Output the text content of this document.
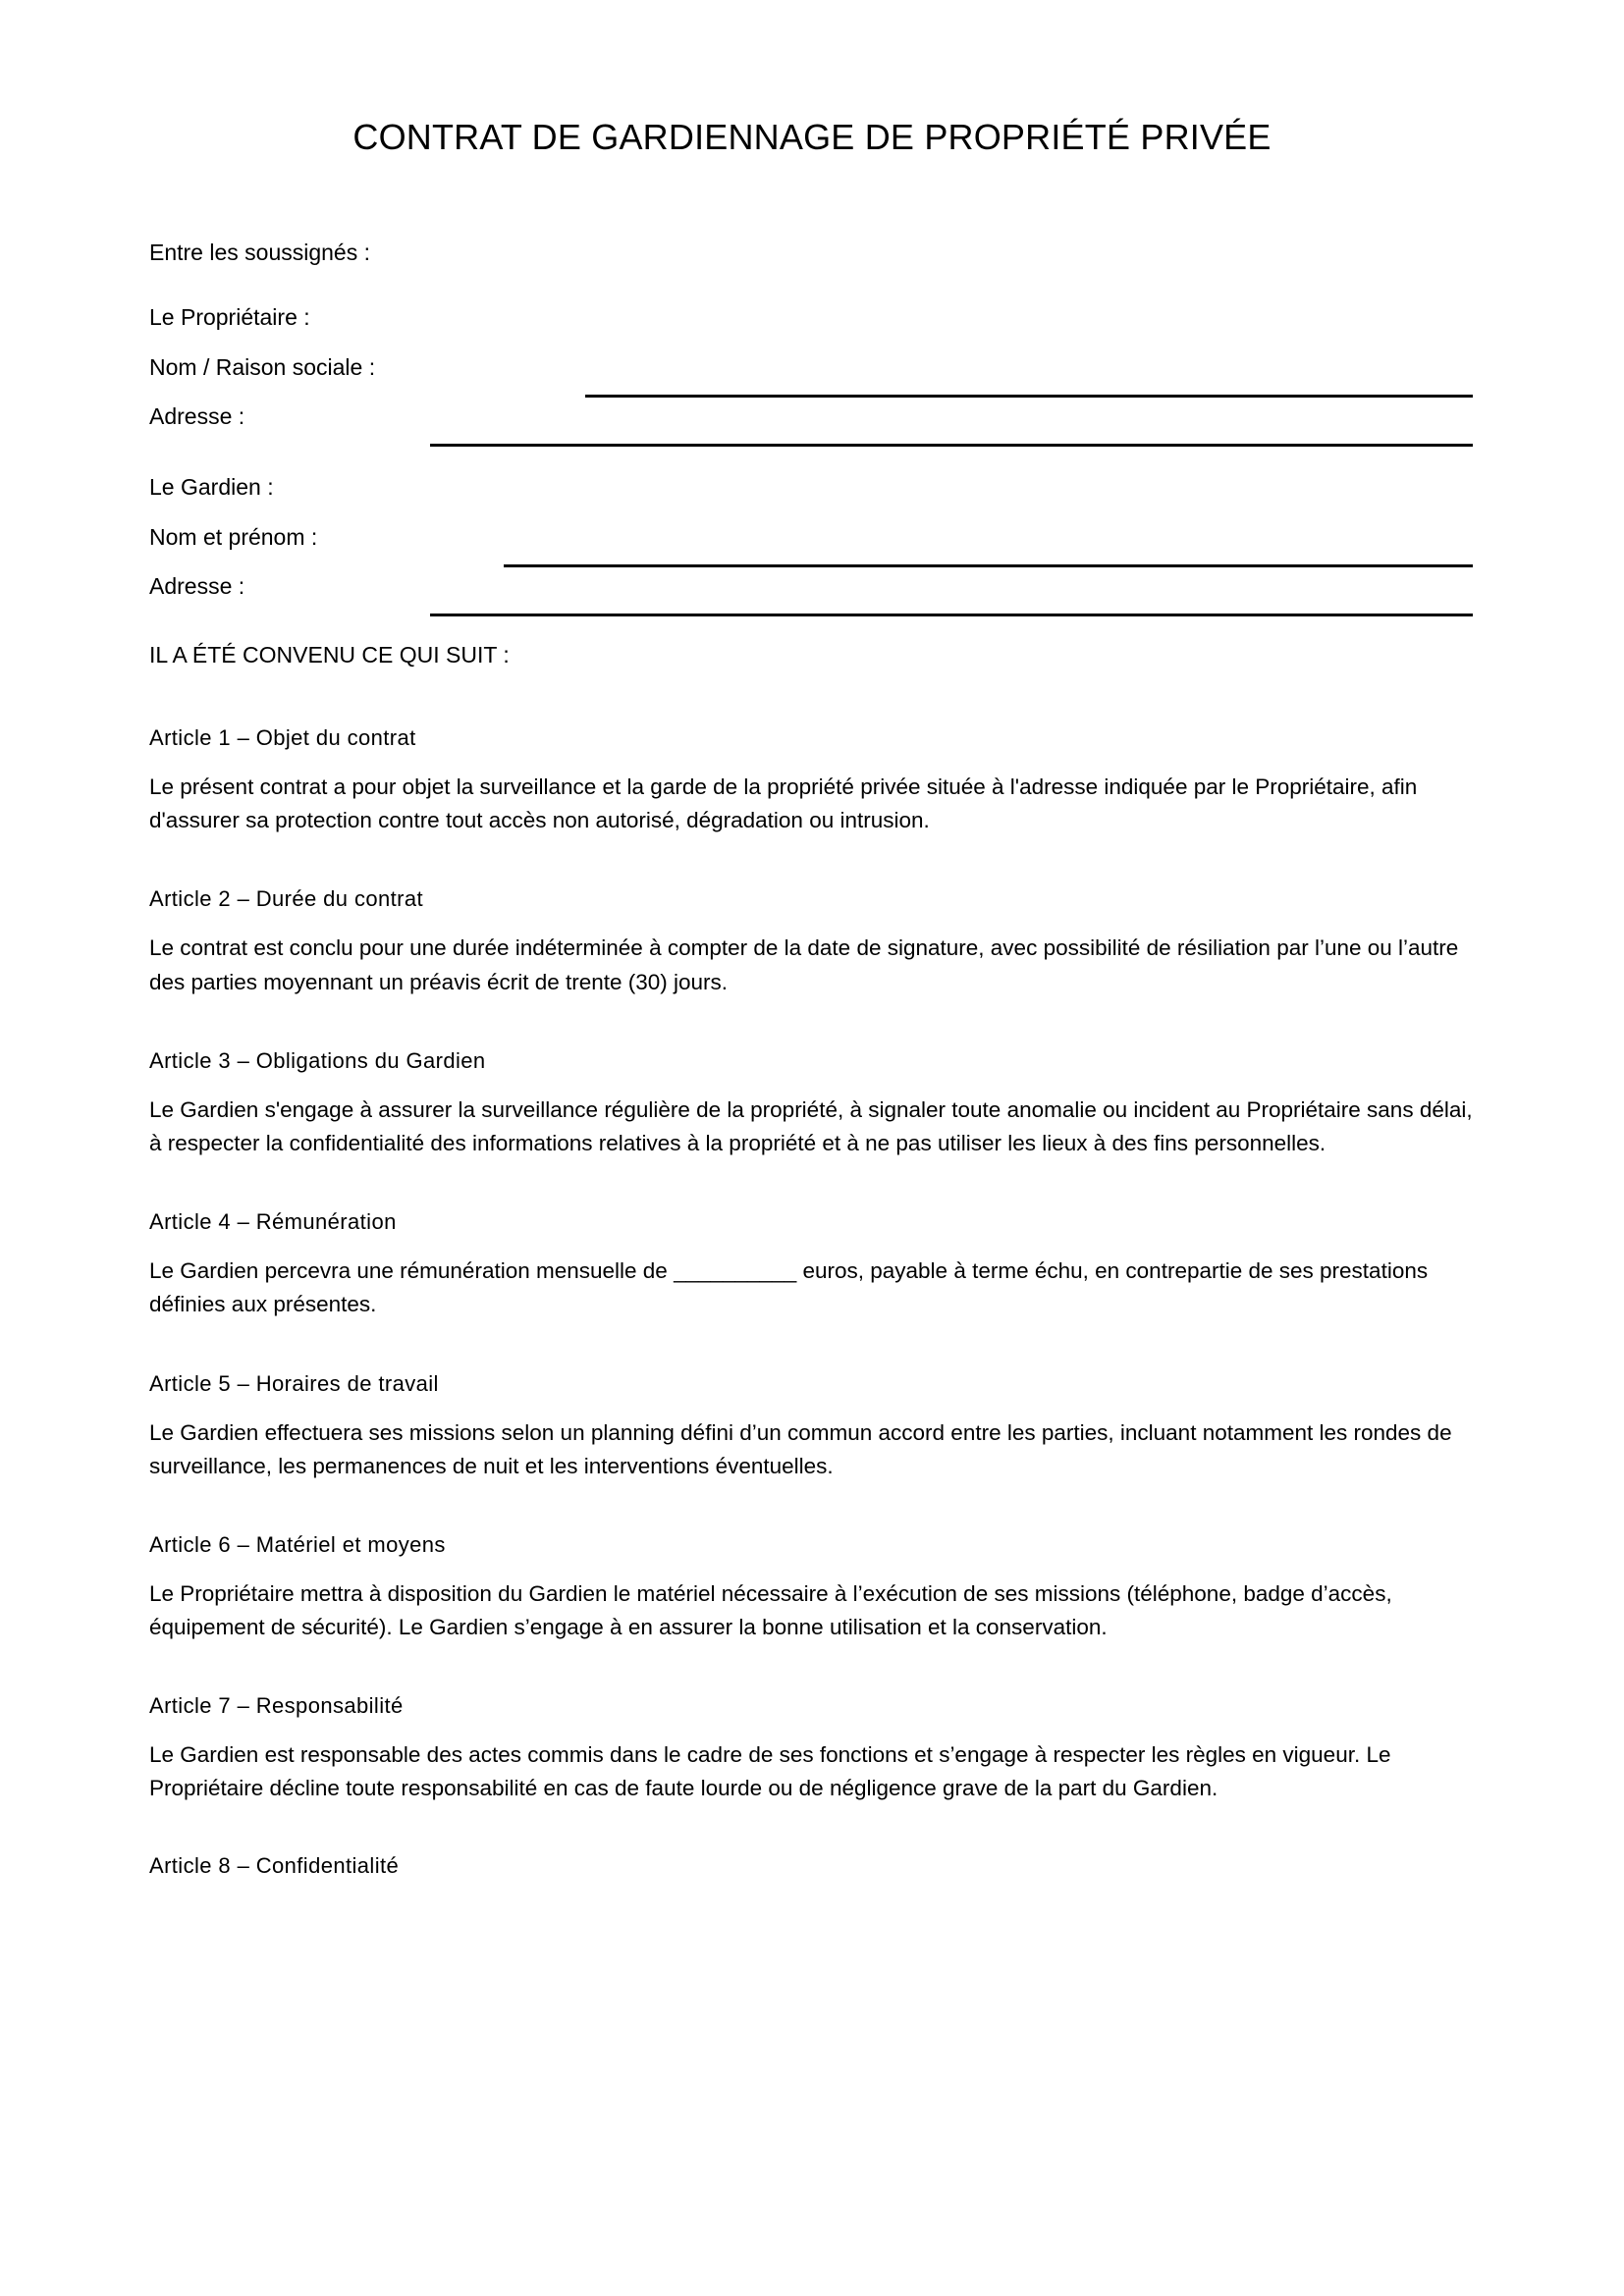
CONTRAT DE GARDIENNAGE DE PROPRIÉTÉ PRIVÉE
Entre les soussignés :
Le Propriétaire :
Nom / Raison sociale :
Adresse :
Le Gardien :
Nom et prénom :
Adresse :
IL A ÉTÉ CONVENU CE QUI SUIT :
Article 1 – Objet du contrat
Le présent contrat a pour objet la surveillance et la garde de la propriété privée située à l'adresse indiquée par le Propriétaire, afin d'assurer sa protection contre tout accès non autorisé, dégradation ou intrusion.
Article 2 – Durée du contrat
Le contrat est conclu pour une durée indéterminée à compter de la date de signature, avec possibilité de résiliation par l’une ou l’autre des parties moyennant un préavis écrit de trente (30) jours.
Article 3 – Obligations du Gardien
Le Gardien s'engage à assurer la surveillance régulière de la propriété, à signaler toute anomalie ou incident au Propriétaire sans délai, à respecter la confidentialité des informations relatives à la propriété et à ne pas utiliser les lieux à des fins personnelles.
Article 4 – Rémunération
Le Gardien percevra une rémunération mensuelle de __________ euros, payable à terme échu, en contrepartie de ses prestations définies aux présentes.
Article 5 – Horaires de travail
Le Gardien effectuera ses missions selon un planning défini d’un commun accord entre les parties, incluant notamment les rondes de surveillance, les permanences de nuit et les interventions éventuelles.
Article 6 – Matériel et moyens
Le Propriétaire mettra à disposition du Gardien le matériel nécessaire à l’exécution de ses missions (téléphone, badge d’accès, équipement de sécurité). Le Gardien s’engage à en assurer la bonne utilisation et la conservation.
Article 7 – Responsabilité
Le Gardien est responsable des actes commis dans le cadre de ses fonctions et s’engage à respecter les règles en vigueur. Le Propriétaire décline toute responsabilité en cas de faute lourde ou de négligence grave de la part du Gardien.
Article 8 – Confidentialité
